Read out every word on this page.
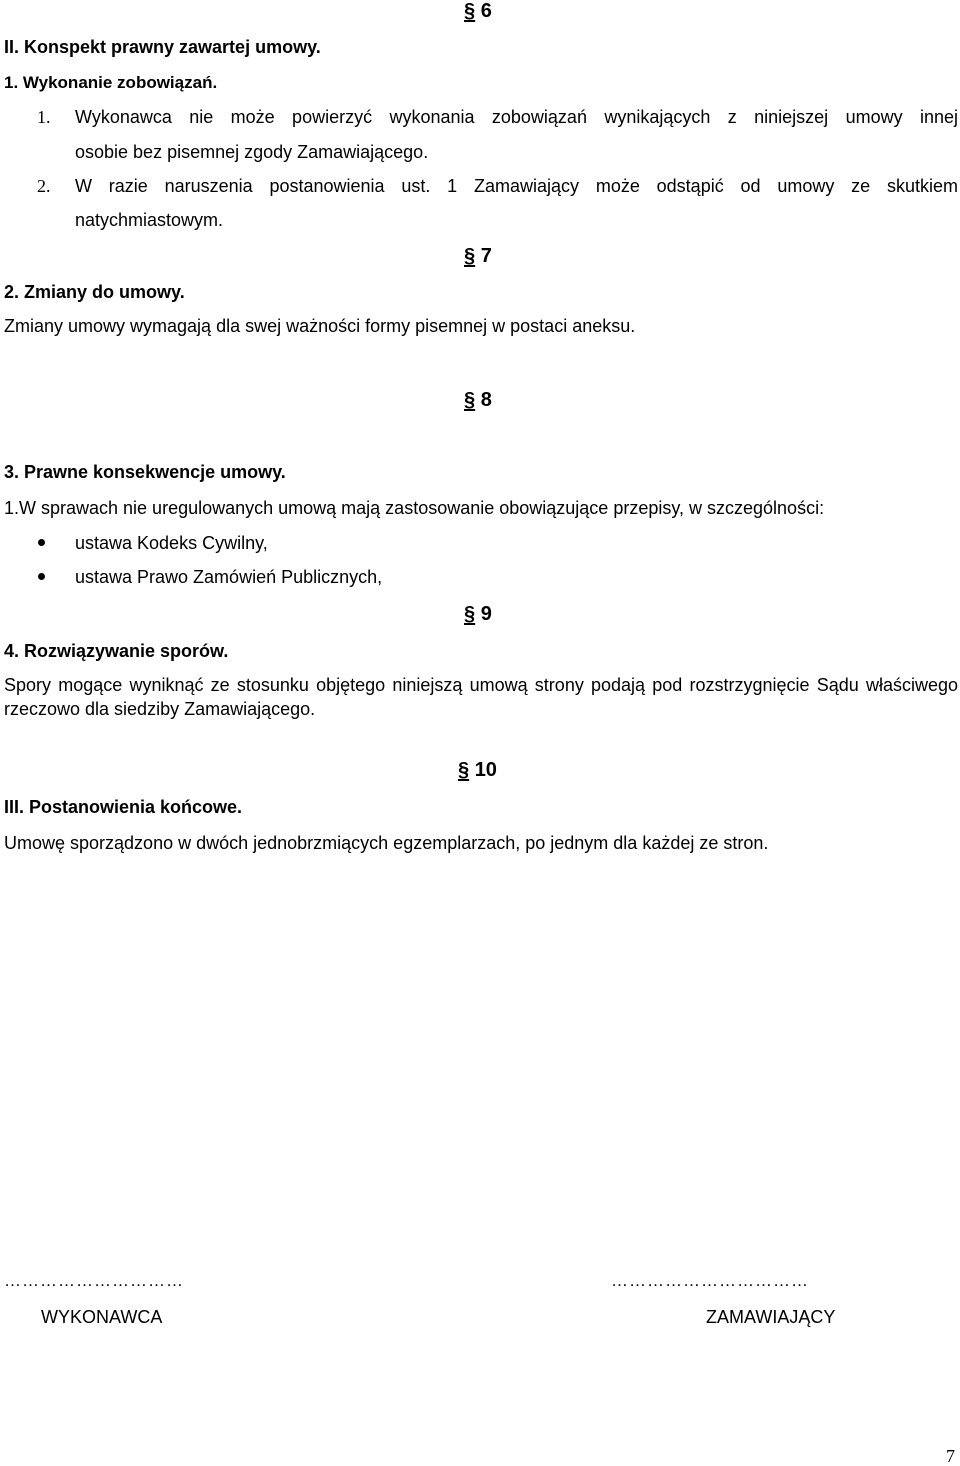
§ 6
II. Konspekt prawny zawartej umowy.
1. Wykonanie zobowiązań.
1. Wykonawca nie może powierzyć wykonania zobowiązań wynikających z niniejszej umowy innej
osobie bez pisemnej zgody Zamawiającego.
2. W razie naruszenia postanowienia ust. 1 Zamawiający może odstąpić od umowy ze skutkiem
natychmiastowym.
§ 7
2. Zmiany do umowy.
Zmiany umowy wymagają dla swej ważności formy pisemnej w postaci aneksu.
§ 8
3. Prawne konsekwencje umowy.
1.W sprawach nie uregulowanych umową mają zastosowanie obowiązujące przepisy, w szczególności:
ustawa Kodeks Cywilny,
ustawa Prawo Zamówień Publicznych,
§ 9
4. Rozwiązywanie sporów.
Spory mogące wyniknąć ze stosunku objętego niniejszą umową strony podają pod rozstrzygnięcie Sądu właściwego rzeczowo dla siedziby Zamawiającego.
§ 10
III. Postanowienia końcowe.
Umowę sporządzono w dwóch jednobrzmiących egzemplarzach, po jednym dla każdej ze stron.
…………………………	……………………………
WYKONAWCA	ZAMAWIAJĄCY
7
